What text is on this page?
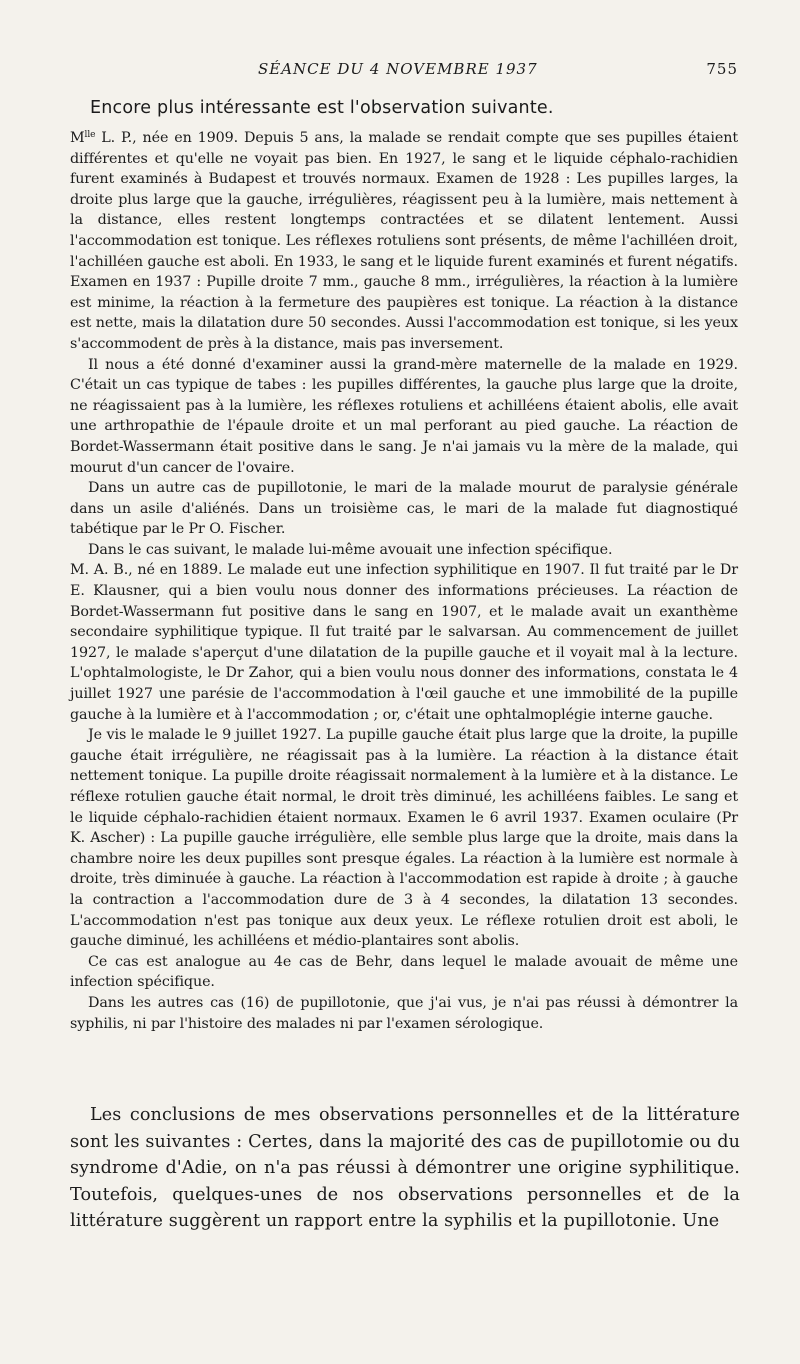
SÉANCE DU 4 NOVEMBRE 1937	755
Encore plus intéressante est l'observation suivante.

$M^{lle}$ L. P., née en 1909. Depuis 5 ans, la malade se rendait compte que ses pupilles étaient différentes et qu'elle ne voyait pas bien. En 1927, le sang et le liquide céphalo-rachidien furent examinés à Budapest et trouvés normaux. Examen de 1928 : Les pupilles larges, la droite plus large que la gauche, irrégulières, réagissent peu à la lumière, mais nettement à la distance, elles restent longtemps contractées et se dilatent lentement. Aussi l'accommodation est tonique. Les réflexes rotuliens sont présents, de même l'achilléen droit, l'achilléen gauche est aboli. En 1933, le sang et le liquide furent examinés et furent négatifs. Examen en 1937 : Pupille droite 7 mm., gauche 8 mm., irrégulières, la réaction à la lumière est minime, la réaction à la fermeture des paupières est tonique. La réaction à la distance est nette, mais la dilatation dure 50 secondes. Aussi l'accommodation est tonique, si les yeux s'accommodent de près à la distance, mais pas inversement.

Il nous a été donné d'examiner aussi la grand-mère maternelle de la malade en 1929. C'était un cas typique de tabes : les pupilles différentes, la gauche plus large que la droite, ne réagissaient pas à la lumière, les réflexes rotuliens et achilléens étaient abolis, elle avait une arthropathie de l'épaule droite et un mal perforant au pied gauche. La réaction de Bordet-Wassermann était positive dans le sang. Je n'ai jamais vu la mère de la malade, qui mourut d'un cancer de l'ovaire.

Dans un autre cas de pupillotonie, le mari de la malade mourut de paralysie générale dans un asile d'aliénés. Dans un troisième cas, le mari de la malade fut diagnostiqué tabétique par le Pr O. Fischer.

Dans le cas suivant, le malade lui-même avouait une infection spécifique.

M. A. B., né en 1889. Le malade eut une infection syphilitique en 1907. Il fut traité par le Dr E. Klausner, qui a bien voulu nous donner des informations précieuses. La réaction de Bordet-Wassermann fut positive dans le sang en 1907, et le malade avait un exanthème secondaire syphilitique typique. Il fut traité par le salvarsan. Au commencement de juillet 1927, le malade s'aperçut d'une dilatation de la pupille gauche et il voyait mal à la lecture. L'ophtalmologiste, le Dr Zahor, qui a bien voulu nous donner des informations, constata le 4 juillet 1927 une parésie de l'accommodation à l'œil gauche et une immobilité de la pupille gauche à la lumière et à l'accommodation ; or, c'était une ophtalmoplégie interne gauche.

Je vis le malade le 9 juillet 1927. La pupille gauche était plus large que la droite, la pupille gauche était irrégulière, ne réagissait pas à la lumière. La réaction à la distance était nettement tonique. La pupille droite réagissait normalement à la lumière et à la distance. Le réflexe rotulien gauche était normal, le droit très diminué, les achilléens faibles. Le sang et le liquide céphalo-rachidien étaient normaux. Examen le 6 avril 1937. Examen oculaire (Pr K. Ascher) : La pupille gauche irrégulière, elle semble plus large que la droite, mais dans la chambre noire les deux pupilles sont presque égales. La réaction à la lumière est normale à droite, très diminuée à gauche. La réaction à l'accommodation est rapide à droite ; à gauche la contraction a l'accommodation dure de 3 à 4 secondes, la dilatation 13 secondes. L'accommodation n'est pas tonique aux deux yeux. Le réflexe rotulien droit est aboli, le gauche diminué, les achilléens et médio-plantaires sont abolis.

Ce cas est analogue au 4e cas de Behr, dans lequel le malade avouait de même une infection spécifique.

Dans les autres cas (16) de pupillotonie, que j'ai vus, je n'ai pas réussi à démontrer la syphilis, ni par l'histoire des malades ni par l'examen sérologique.

Les conclusions de mes observations personnelles et de la littérature sont les suivantes : Certes, dans la majorité des cas de pupillotomie ou du syndrome d'Adie, on n'a pas réussi à démontrer une origine syphilitique. Toutefois, quelques-unes de nos observations personnelles et de la littérature suggèrent un rapport entre la syphilis et la pupillotonie. Une
